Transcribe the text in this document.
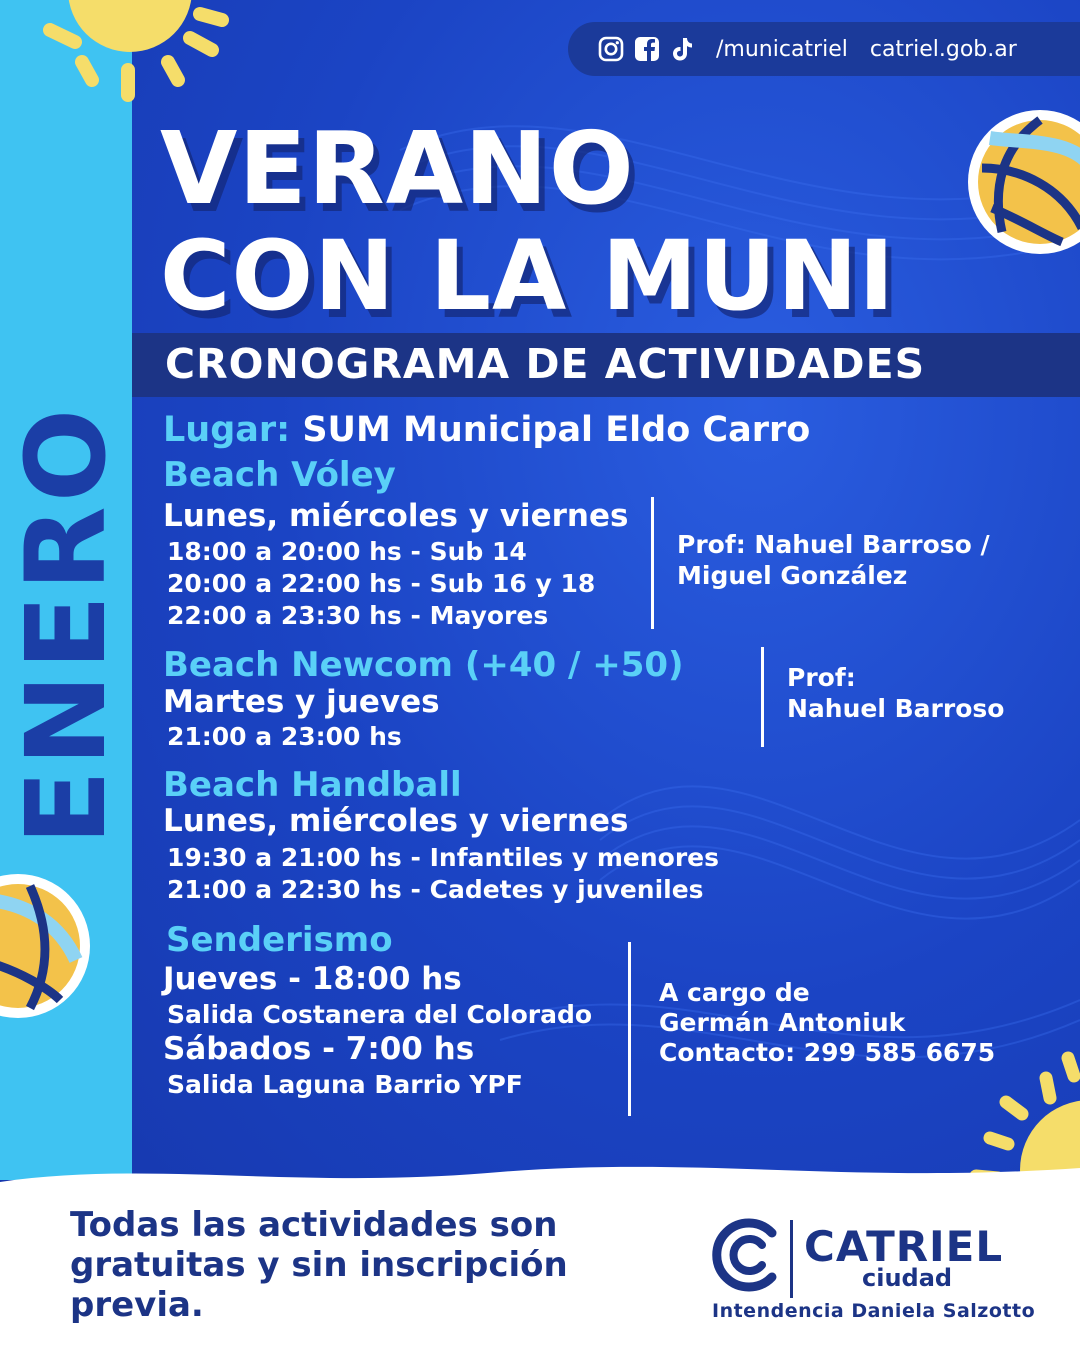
ENERO
/municatriel catriel.gob.ar
VERANO
CON LA MUNI
CRONOGRAMA DE ACTIVIDADES
Lugar: SUM Municipal Eldo Carro
Beach Vóley
Lunes, miércoles y viernes
18:00 a 20:00 hs - Sub 14
20:00 a 22:00 hs - Sub 16 y 18
22:00 a 23:30 hs - Mayores
Prof: Nahuel Barroso /
Miguel González
Beach Newcom (+40 / +50)
Martes y jueves
21:00 a 23:00 hs
Prof:
Nahuel Barroso
Beach Handball
Lunes, miércoles y viernes
19:30 a 21:00 hs - Infantiles y menores
21:00 a 22:30 hs - Cadetes y juveniles
Senderismo
Jueves - 18:00 hs
Salida Costanera del Colorado
Sábados - 7:00 hs
Salida Laguna Barrio YPF
A cargo de
Germán Antoniuk
Contacto: 299 585 6675
Todas las actividades son
gratuitas y sin inscripción
previa.
CATRIEL
ciudad
Intendencia Daniela Salzotto
